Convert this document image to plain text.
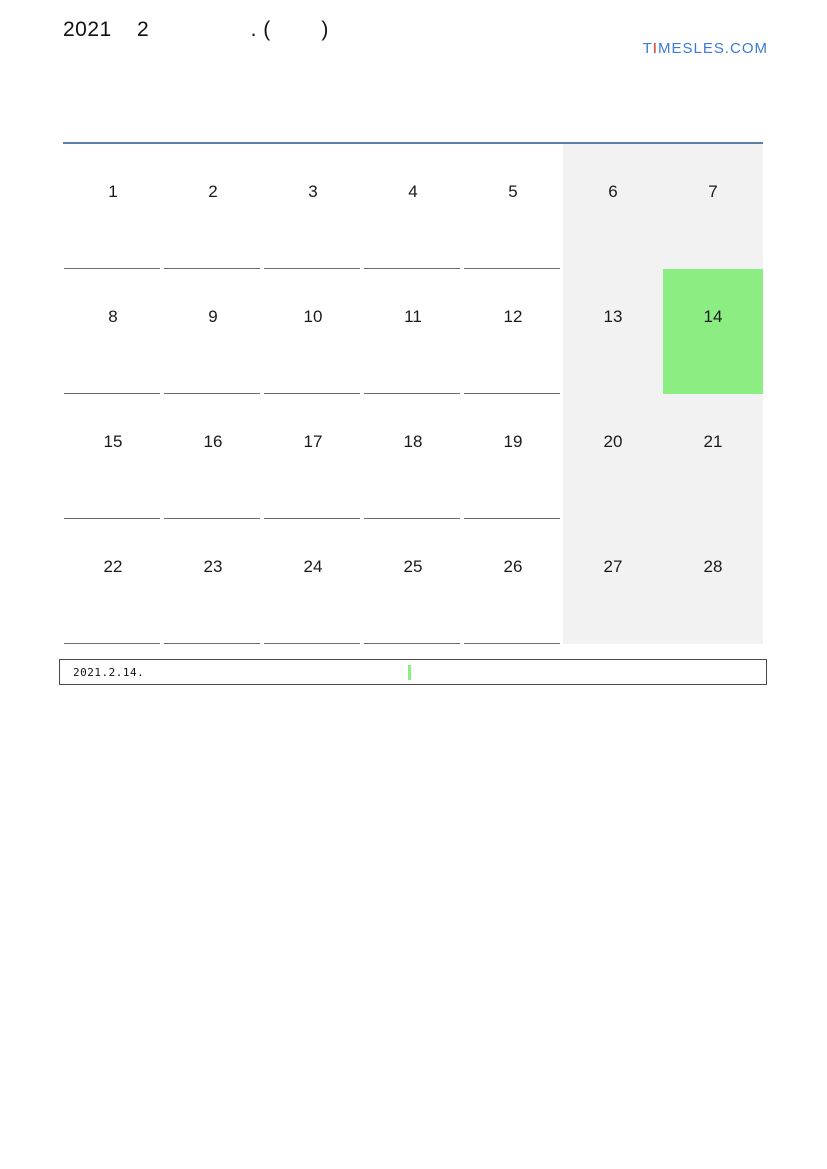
2021    2                . (        )

TIMESLES.COM

1	2	3	4	5	6	7
8	9	10	11	12	13	14
15	16	17	18	19	20	21
22	23	24	25	26	27	28
2021.2.14.
